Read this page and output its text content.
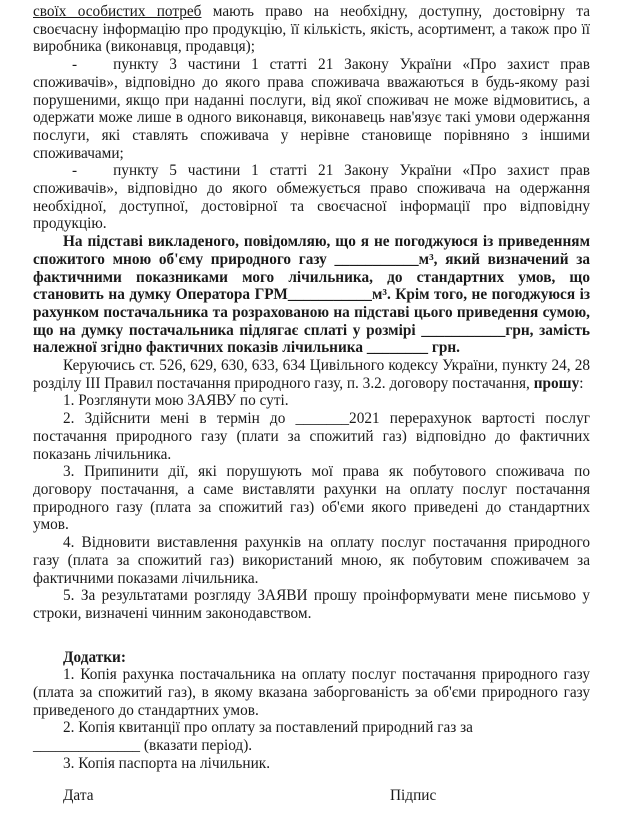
своїх особистих потреб мають право на необхідну, доступну, достовірну та своєчасну інформацію про продукцію, її кількість, якість, асортимент, а також про її виробника (виконавця, продавця);

- пункту 3 частини 1 статті 21 Закону України «Про захист прав споживачів», відповідно до якого права споживача вважаються в будь-якому разі порушеними, якщо при наданні послуги, від якої споживач не може відмовитись, а одержати може лише в одного виконавця, виконавець нав'язує такі умови одержання послуги, які ставлять споживача у нерівне становище порівняно з іншими споживачами;

- пункту 5 частини 1 статті 21 Закону України «Про захист прав споживачів», відповідно до якого обмежується право споживача на одержання необхідної, доступної, достовірної та своєчасної інформації про відповідну продукцію.

На підставі викладеного, повідомляю, що я не погоджуюся із приведенням спожитого мною об'єму природного газу ___________м³, який визначений за фактичними показниками мого лічильника, до стандартних умов, що становить на думку Оператора ГРМ___________м³. Крім того, не погоджуюся із рахунком постачальника та розрахованою на підставі цього приведення сумою, що на думку постачальника підлягає сплаті у розмірі ___________грн, замість належної згідно фактичних показів лічильника ________ грн.

Керуючись ст. 526, 629, 630, 633, 634 Цивільного кодексу України, пункту 24, 28 розділу ІІІ Правил постачання природного газу, п. 3.2. договору постачання, прошу:

1. Розглянути мою ЗАЯВУ по суті.

2. Здійснити мені в термін до _______2021 перерахунок вартості послуг постачання природного газу (плати за спожитий газ) відповідно до фактичних показань лічильника.

3. Припинити дії, які порушують мої права як побутового споживача по договору постачання, а саме виставляти рахунки на оплату послуг постачання природного газу (плата за спожитий газ) об'єми якого приведені до стандартних умов.

4. Відновити виставлення рахунків на оплату послуг постачання природного газу (плата за спожитий газ) використаний мною, як побутовим споживачем за фактичними показами лічильника.

5. За результатами розгляду ЗАЯВИ прошу проінформувати мене письмово у строки, визначені чинним законодавством.

Додатки:

1. Копія рахунка постачальника на оплату послуг постачання природного газу (плата за спожитий газ), в якому вказана заборгованість за об'єми природного газу приведеного до стандартних умов.

2. Копія квитанції про оплату за поставлений природний газ за
______________ (вказати період).

3. Копія паспорта на лічильник.

Дата	Підпис
